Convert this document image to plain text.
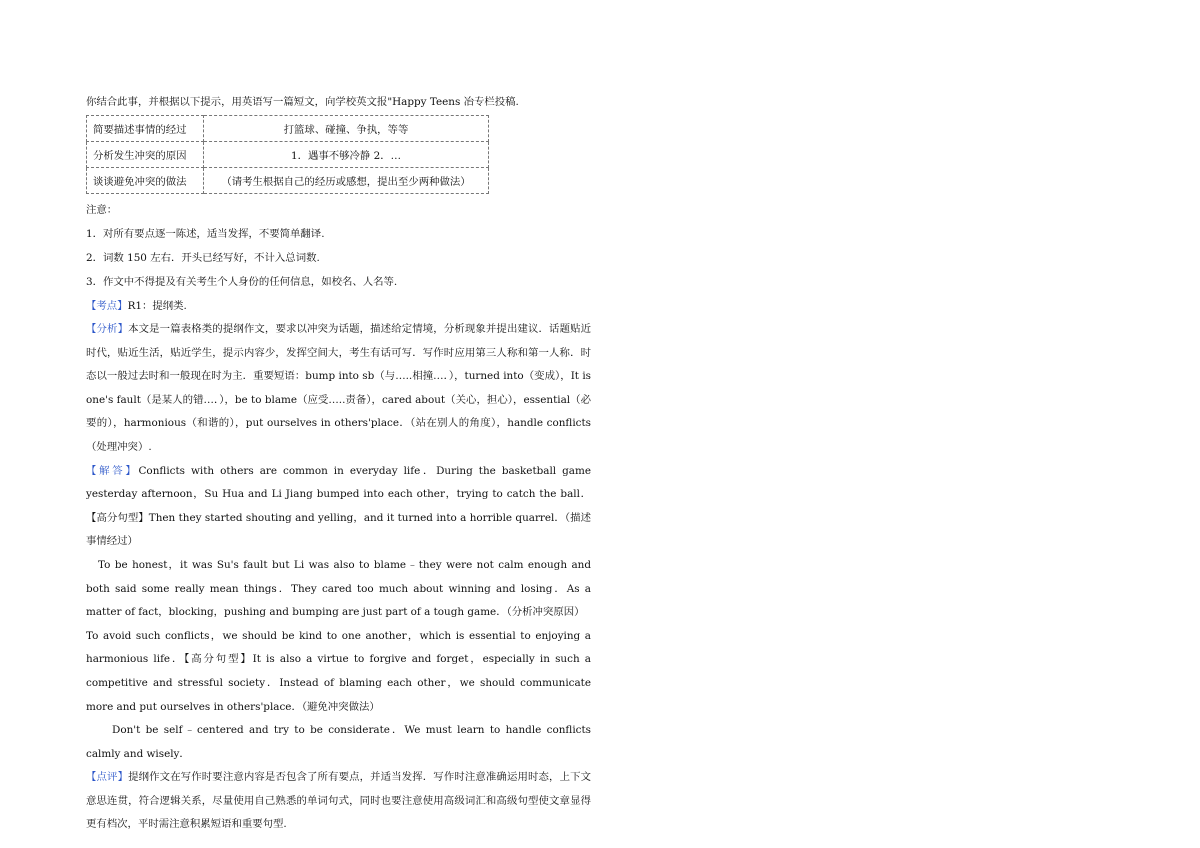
你结合此事，并根据以下提示，用英语写一篇短文，向学校英文报"Happy Teens 冶专栏投稿.
简要描述事情的经过	打篮球、碰撞、争执，等等
分析发生冲突的原因	1．遇事不够冷静 2．…
谈谈避免冲突的做法	（请考生根据自己的经历或感想，提出至少两种做法）
注意：
1．对所有要点逐一陈述，适当发挥，不要简单翻译.
2．词数 150 左右．开头已经写好，不计入总词数.
3．作文中不得提及有关考生个人身份的任何信息，如校名、人名等.
【考点】R1：提纲类.
【分析】本文是一篇表格类的提纲作文，要求以冲突为话题，描述给定情境，分析现象并提出建议．话题贴近时代，贴近生活，贴近学生，提示内容少，发挥空间大，考生有话可写．写作时应用第三人称和第一人称．时态以一般过去时和一般现在时为主．重要短语：bump into sb（与…..相撞…．），turned into（变成），It is one's fault（是某人的错…．），be to blame（应受…..责备），cared about（关心，担心），essential（必要的），harmonious（和谐的），put ourselves in others'place．（站在别人的角度），handle conflicts（处理冲突）.
【解答】Conflicts with others are common in everyday life．During the basketball game yesterday afternoon，Su Hua and Li Jiang bumped into each other，trying to catch the ball．【高分句型】Then they started shouting and yelling，and it turned into a horrible quarrel．（描述事情经过）
To be honest，it was Su's fault but Li was also to blame﹣they were not calm enough and both said some really mean things．They cared too much about winning and losing．As a matter of fact，blocking，pushing and bumping are just part of a tough game．（分析冲突原因）
To avoid such conflicts，we should be kind to one another，which is essential to enjoying a harmonious life．【高分句型】It is also a virtue to forgive and forget，especially in such a competitive and stressful society．Instead of blaming each other，we should communicate more and put ourselves in others'place．（避免冲突做法）
Don't be self﹣centered and try to be considerate．We must learn to handle conflicts calmly and wisely．
【点评】提纲作文在写作时要注意内容是否包含了所有要点，并适当发挥．写作时注意准确运用时态，上下文意思连贯，符合逻辑关系，尽量使用自己熟悉的单词句式，同时也要注意使用高级词汇和高级句型使文章显得更有档次，平时需注意积累短语和重要句型.
